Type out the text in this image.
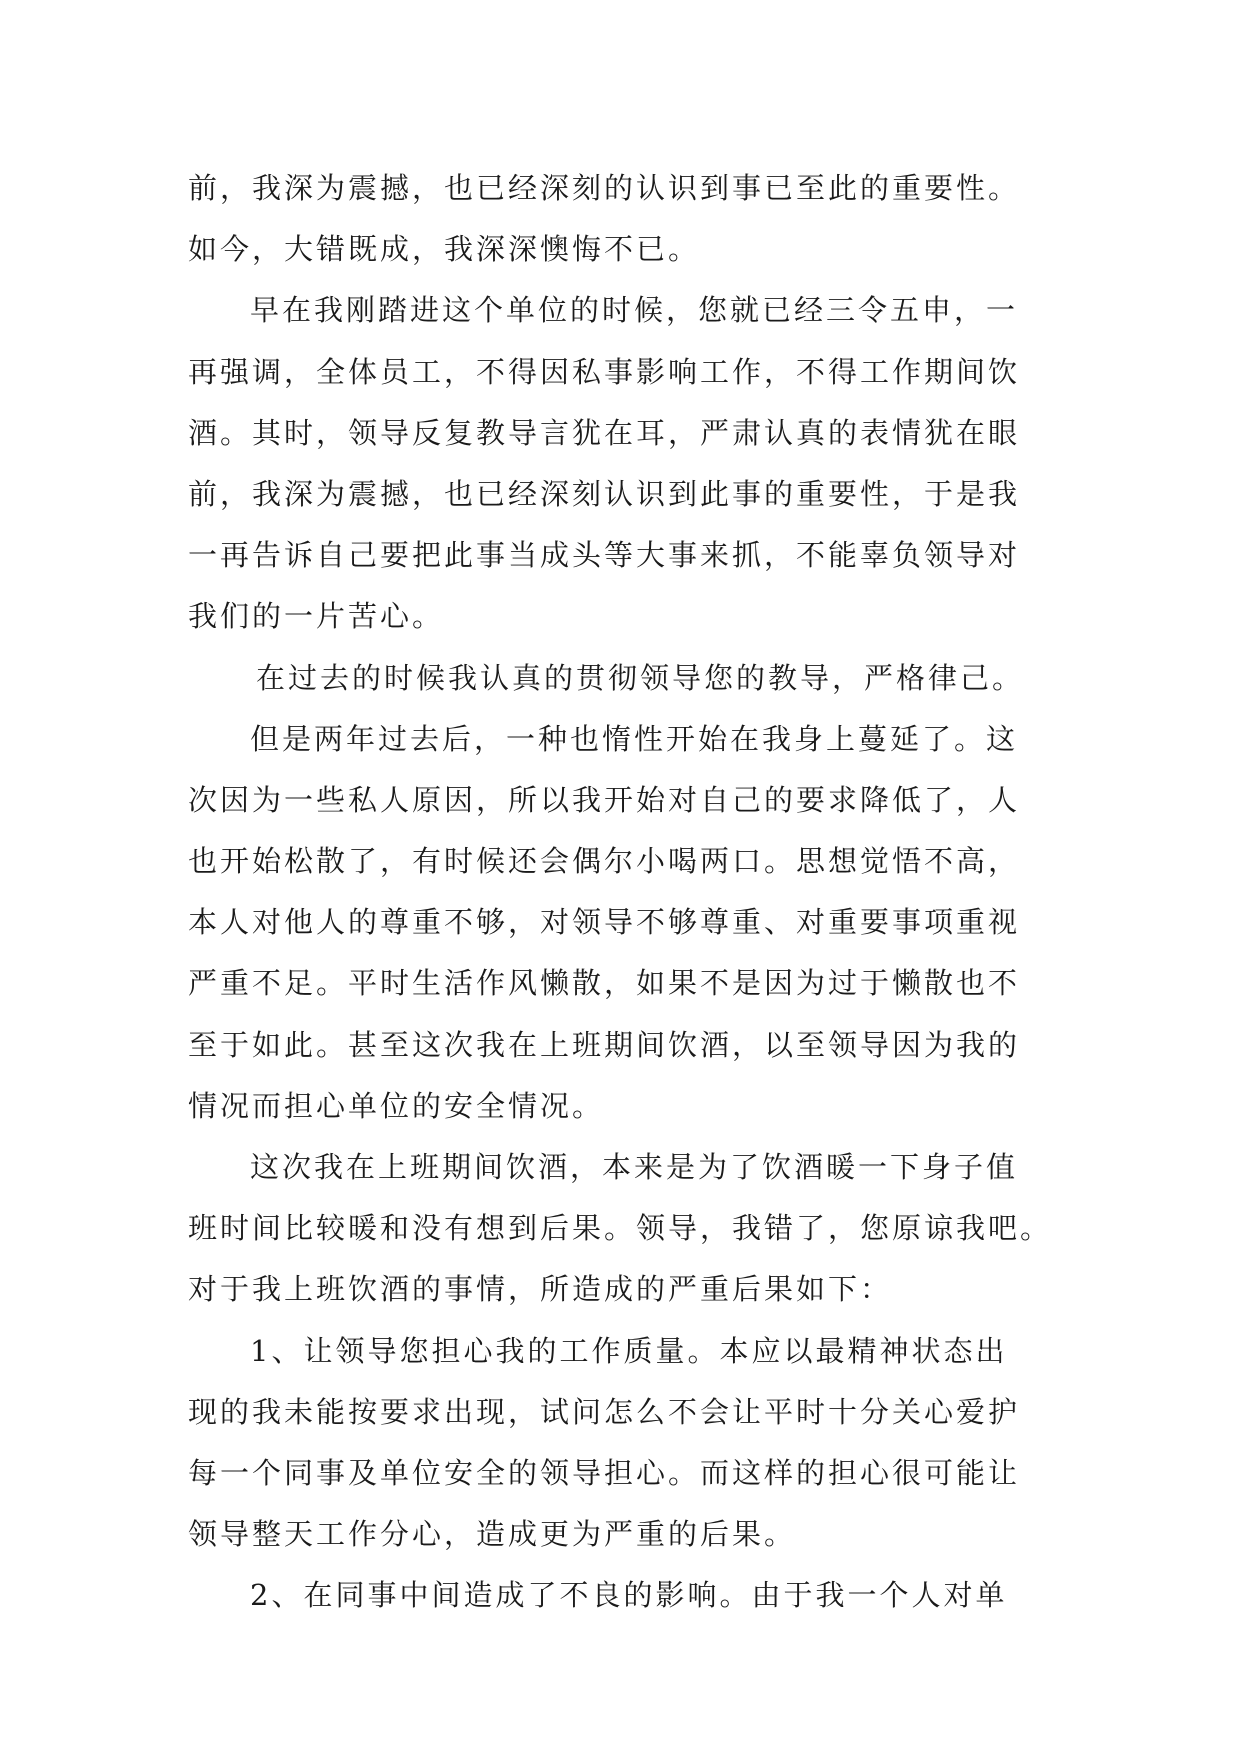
前，我深为震撼，也已经深刻的认识到事已至此的重要性。
如今，大错既成，我深深懊悔不已。
早在我刚踏进这个单位的时候，您就已经三令五申，一
再强调，全体员工，不得因私事影响工作，不得工作期间饮
酒。其时，领导反复教导言犹在耳，严肃认真的表情犹在眼
前，我深为震撼，也已经深刻认识到此事的重要性，于是我
一再告诉自己要把此事当成头等大事来抓，不能辜负领导对
我们的一片苦心。
在过去的时候我认真的贯彻领导您的教导，严格律己。
但是两年过去后，一种也惰性开始在我身上蔓延了。这
次因为一些私人原因，所以我开始对自己的要求降低了，人
也开始松散了，有时候还会偶尔小喝两口。思想觉悟不高，
本人对他人的尊重不够，对领导不够尊重、对重要事项重视
严重不足。平时生活作风懒散，如果不是因为过于懒散也不
至于如此。甚至这次我在上班期间饮酒，以至领导因为我的
情况而担心单位的安全情况。
这次我在上班期间饮酒，本来是为了饮酒暖一下身子值
班时间比较暖和没有想到后果。领导，我错了，您原谅我吧。
对于我上班饮酒的事情，所造成的严重后果如下：
1、让领导您担心我的工作质量。本应以最精神状态出
现的我未能按要求出现，试问怎么不会让平时十分关心爱护
每一个同事及单位安全的领导担心。而这样的担心很可能让
领导整天工作分心，造成更为严重的后果。
2、在同事中间造成了不良的影响。由于我一个人对单
